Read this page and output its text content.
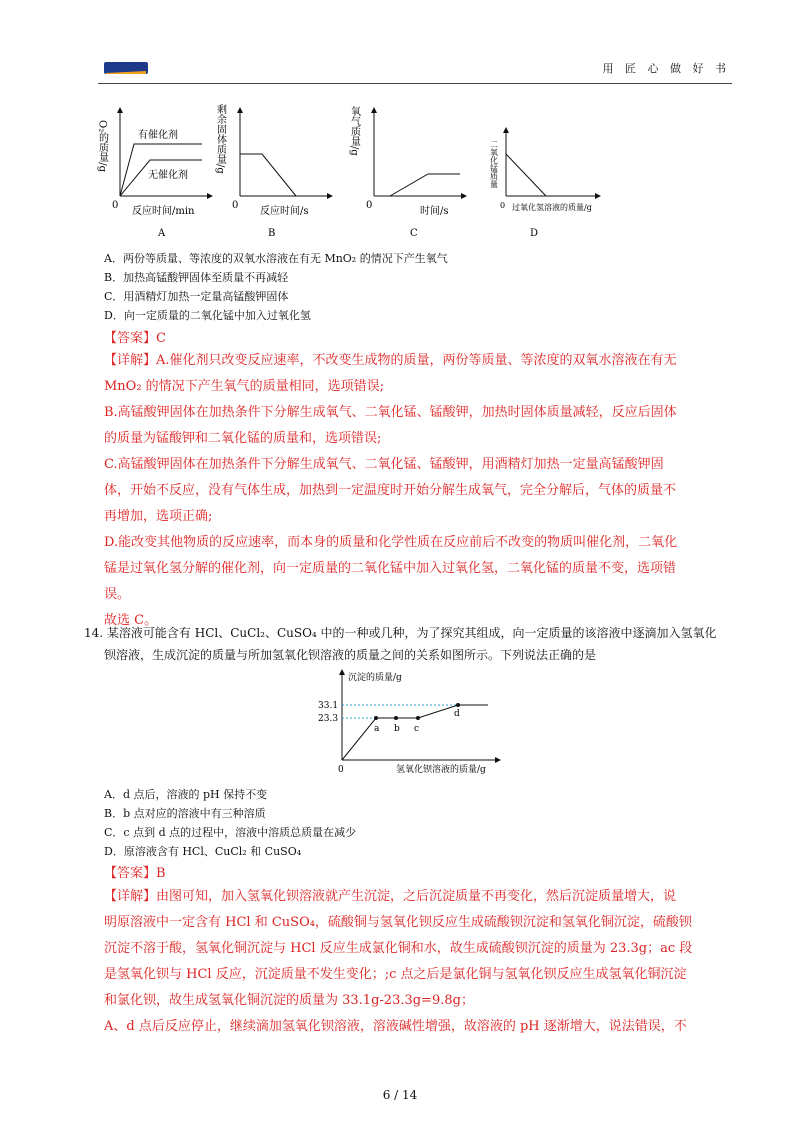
用 匠 心 做 好 书
有催化剂
无催化剂
0
反应时间/min
O₂的质量/g
A
0
反应时间/s
剩余固体质量/g
B
0
时间/s
氧气质量/g
C
0 过氧化氢溶液的质量/g
二氧化锰质量
D
A．两份等质量、等浓度的双氧水溶液在有无 MnO₂ 的情况下产生氧气
B．加热高锰酸钾固体至质量不再减轻
C．用酒精灯加热一定量高锰酸钾固体
D．向一定质量的二氧化锰中加入过氧化氢
【答案】C
【详解】A.催化剂只改变反应速率，不改变生成物的质量，两份等质量、等浓度的双氧水溶液在有无
MnO₂ 的情况下产生氧气的质量相同，选项错误;
B.高锰酸钾固体在加热条件下分解生成氧气、二氧化锰、锰酸钾，加热时固体质量减轻，反应后固体
的质量为锰酸钾和二氧化锰的质量和，选项错误;
C.高锰酸钾固体在加热条件下分解生成氧气、二氧化锰、锰酸钾，用酒精灯加热一定量高锰酸钾固
体，开始不反应，没有气体生成，加热到一定温度时开始分解生成氧气，完全分解后，气体的质量不
再增加，选项正确;
D.能改变其他物质的反应速率，而本身的质量和化学性质在反应前后不改变的物质叫催化剂，二氧化
锰是过氧化氢分解的催化剂，向一定质量的二氧化锰中加入过氧化氢，二氧化锰的质量不变，选项错
误。
故选 C。
14. 某溶液可能含有 HCl、CuCl₂、CuSO₄ 中的一种或几种，为了探究其组成，向一定质量的该溶液中逐滴加入氢氧化
钡溶液，生成沉淀的质量与所加氢氧化钡溶液的质量之间的关系如图所示。下列说法正确的是
a b c
d
33.1
23.3
0
沉淀的质量/g
氢氧化钡溶液的质量/g
A．d 点后，溶液的 pH 保持不变
B．b 点对应的溶液中有三种溶质
C．c 点到 d 点的过程中，溶液中溶质总质量在减少
D．原溶液含有 HCl、CuCl₂ 和 CuSO₄
【答案】B
【详解】由图可知，加入氢氧化钡溶液就产生沉淀，之后沉淀质量不再变化，然后沉淀质量增大，说
明原溶液中一定含有 HCl 和 CuSO₄，硫酸铜与氢氧化钡反应生成硫酸钡沉淀和氢氧化铜沉淀，硫酸钡
沉淀不溶于酸，氢氧化铜沉淀与 HCl 反应生成氯化铜和水，故生成硫酸钡沉淀的质量为 23.3g；ac 段
是氢氧化钡与 HCl 反应，沉淀质量不发生变化；;c 点之后是氯化铜与氢氧化钡反应生成氢氧化铜沉淀
和氯化钡，故生成氢氧化铜沉淀的质量为 33.1g-23.3g=9.8g；
A、d 点后反应停止，继续滴加氢氧化钡溶液，溶液碱性增强，故溶液的 pH 逐渐增大，说法错误，不
6 / 14
